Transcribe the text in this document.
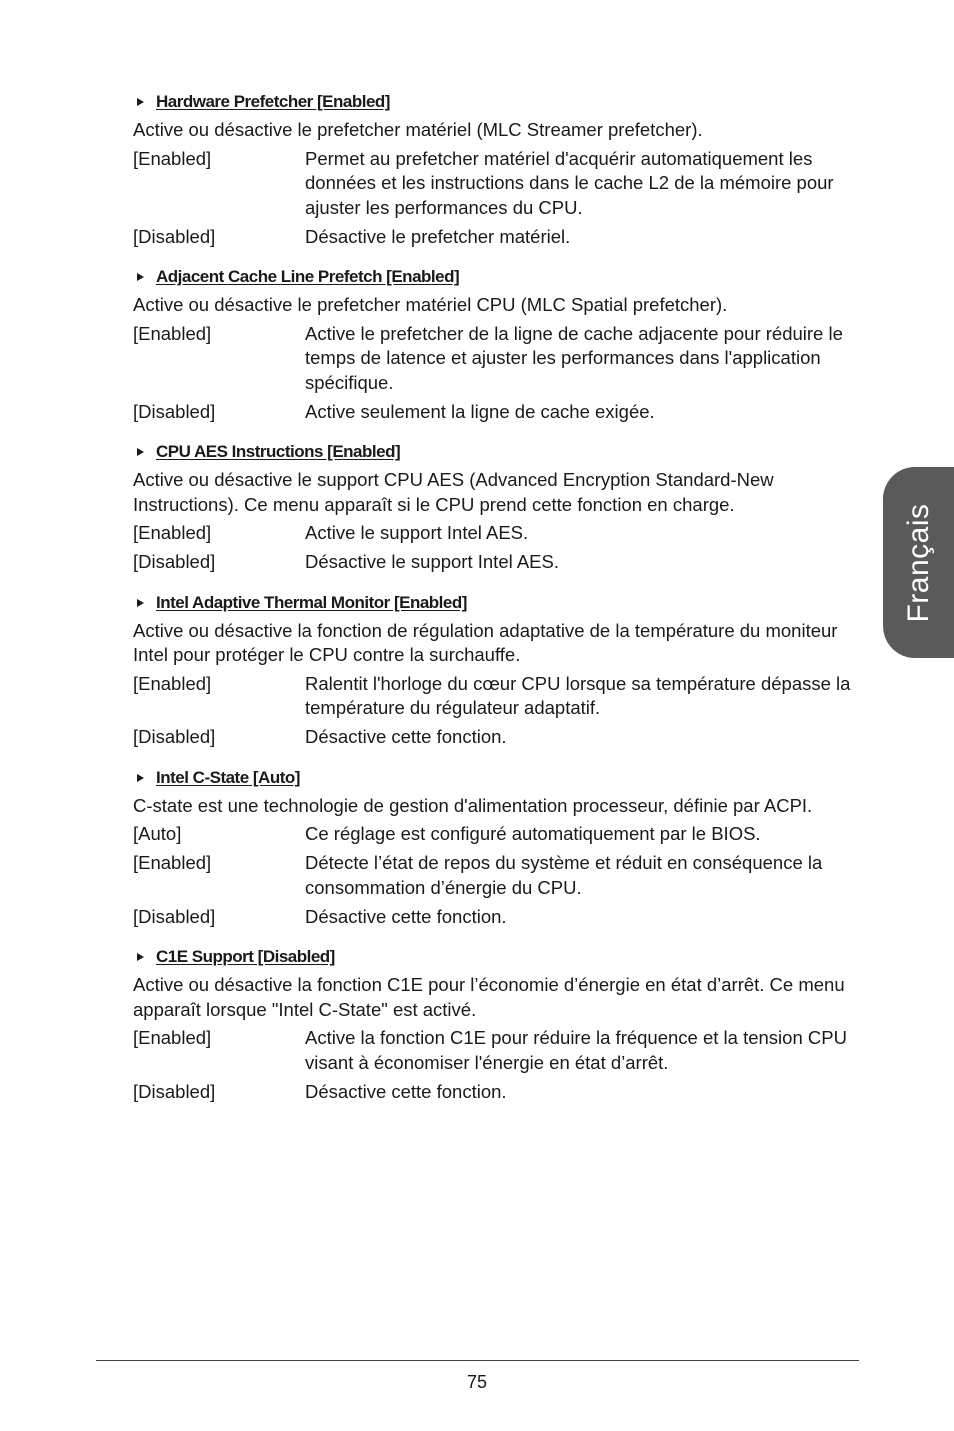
Hardware Prefetcher [Enabled]
Active ou désactive le prefetcher matériel (MLC Streamer prefetcher).
[Enabled]	Permet au prefetcher matériel d'acquérir automatiquement les données et les instructions dans le cache L2 de la mémoire pour ajuster les performances du CPU.
[Disabled]	Désactive le prefetcher matériel.
Adjacent Cache Line Prefetch [Enabled]
Active ou désactive le prefetcher matériel CPU (MLC Spatial prefetcher).
[Enabled]	Active le prefetcher de la ligne de cache adjacente pour réduire le temps de latence et ajuster les performances dans l'application spécifique.
[Disabled]	Active seulement la ligne de cache exigée.
CPU AES Instructions [Enabled]
Active ou désactive le support CPU AES (Advanced Encryption Standard-New Instructions). Ce menu apparaît si le CPU prend cette fonction en charge.
[Enabled]	Active le support Intel AES.
[Disabled]	Désactive le support Intel AES.
Intel Adaptive Thermal Monitor [Enabled]
Active ou désactive la fonction de régulation adaptative de la température du moniteur Intel pour protéger le CPU contre la surchauffe.
[Enabled]	Ralentit l'horloge du cœur CPU lorsque sa température dépasse la température du régulateur adaptatif.
[Disabled]	Désactive cette fonction.
Intel C-State [Auto]
C-state est une technologie de gestion d'alimentation processeur, définie par ACPI.
[Auto]	Ce réglage est configuré automatiquement par le BIOS.
[Enabled]	Détecte l’état de repos du système et réduit en conséquence la consommation d’énergie du CPU.
[Disabled]	Désactive cette fonction.
C1E Support [Disabled]
Active ou désactive la fonction C1E pour l’économie d’énergie en état d’arrêt. Ce menu apparaît lorsque "Intel C-State" est activé.
[Enabled]	Active la fonction C1E pour réduire la fréquence et la tension CPU visant à économiser l'énergie en état d’arrêt.
[Disabled]	Désactive cette fonction.
Français
75
